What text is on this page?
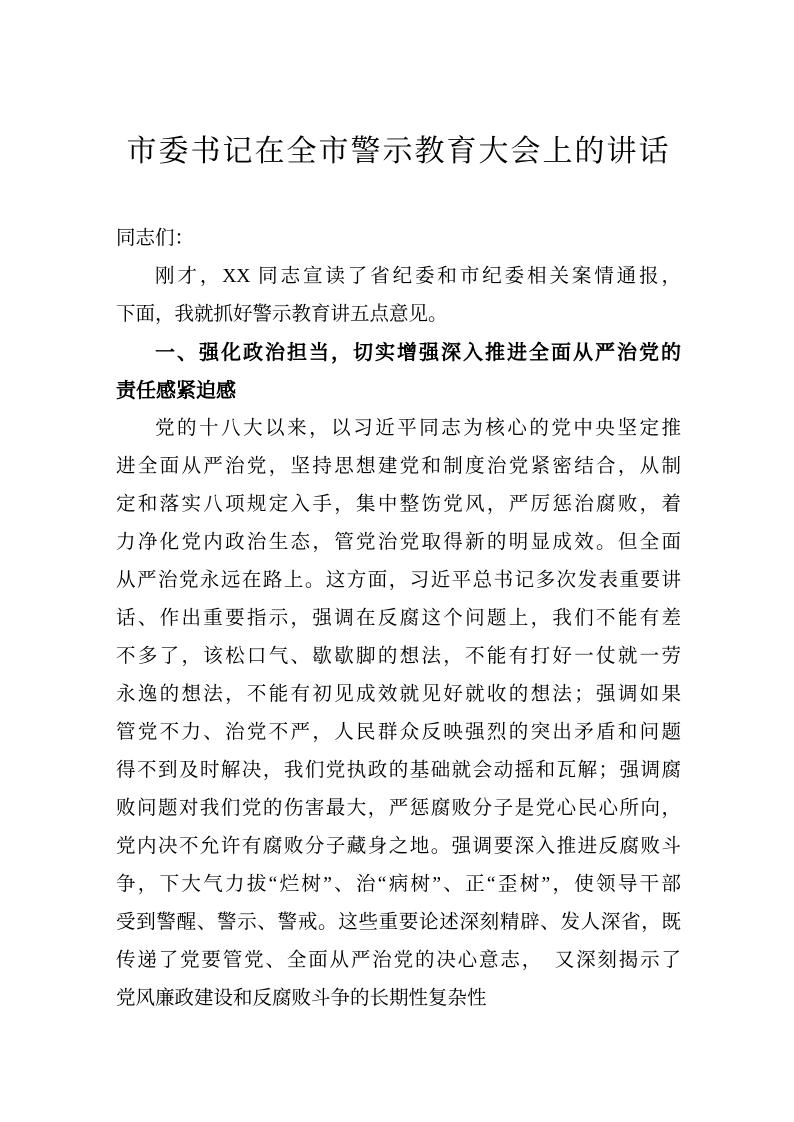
市委书记在全市警示教育大会上的讲话
同志们：
刚才，XX 同志宣读了省纪委和市纪委相关案情通报，
下面，我就抓好警示教育讲五点意见。
一、强化政治担当，切实增强深入推进全面从严治党的
责任感紧迫感
党的十八大以来，以习近平同志为核心的党中央坚定推
进全面从严治党，坚持思想建党和制度治党紧密结合，从制
定和落实八项规定入手，集中整饬党风，严厉惩治腐败，着
力净化党内政治生态，管党治党取得新的明显成效。但全面
从严治党永远在路上。这方面，习近平总书记多次发表重要讲
话、作出重要指示，强调在反腐这个问题上，我们不能有差
不多了，该松口气、歇歇脚的想法，不能有打好一仗就一劳
永逸的想法，不能有初见成效就见好就收的想法；强调如果
管党不力、治党不严，人民群众反映强烈的突出矛盾和问题
得不到及时解决，我们党执政的基础就会动摇和瓦解；强调腐
败问题对我们党的伤害最大，严惩腐败分子是党心民心所向，
党内决不允许有腐败分子藏身之地。强调要深入推进反腐败斗
争，下大气力拔“烂树”、治“病树”、正“歪树”，使领导干部
受到警醒、警示、警戒。这些重要论述深刻精辟、发人深省，既
传递了党要管党、全面从严治党的决心意志，　又深刻揭示了
党风廉政建设和反腐败斗争的长期性复杂性
